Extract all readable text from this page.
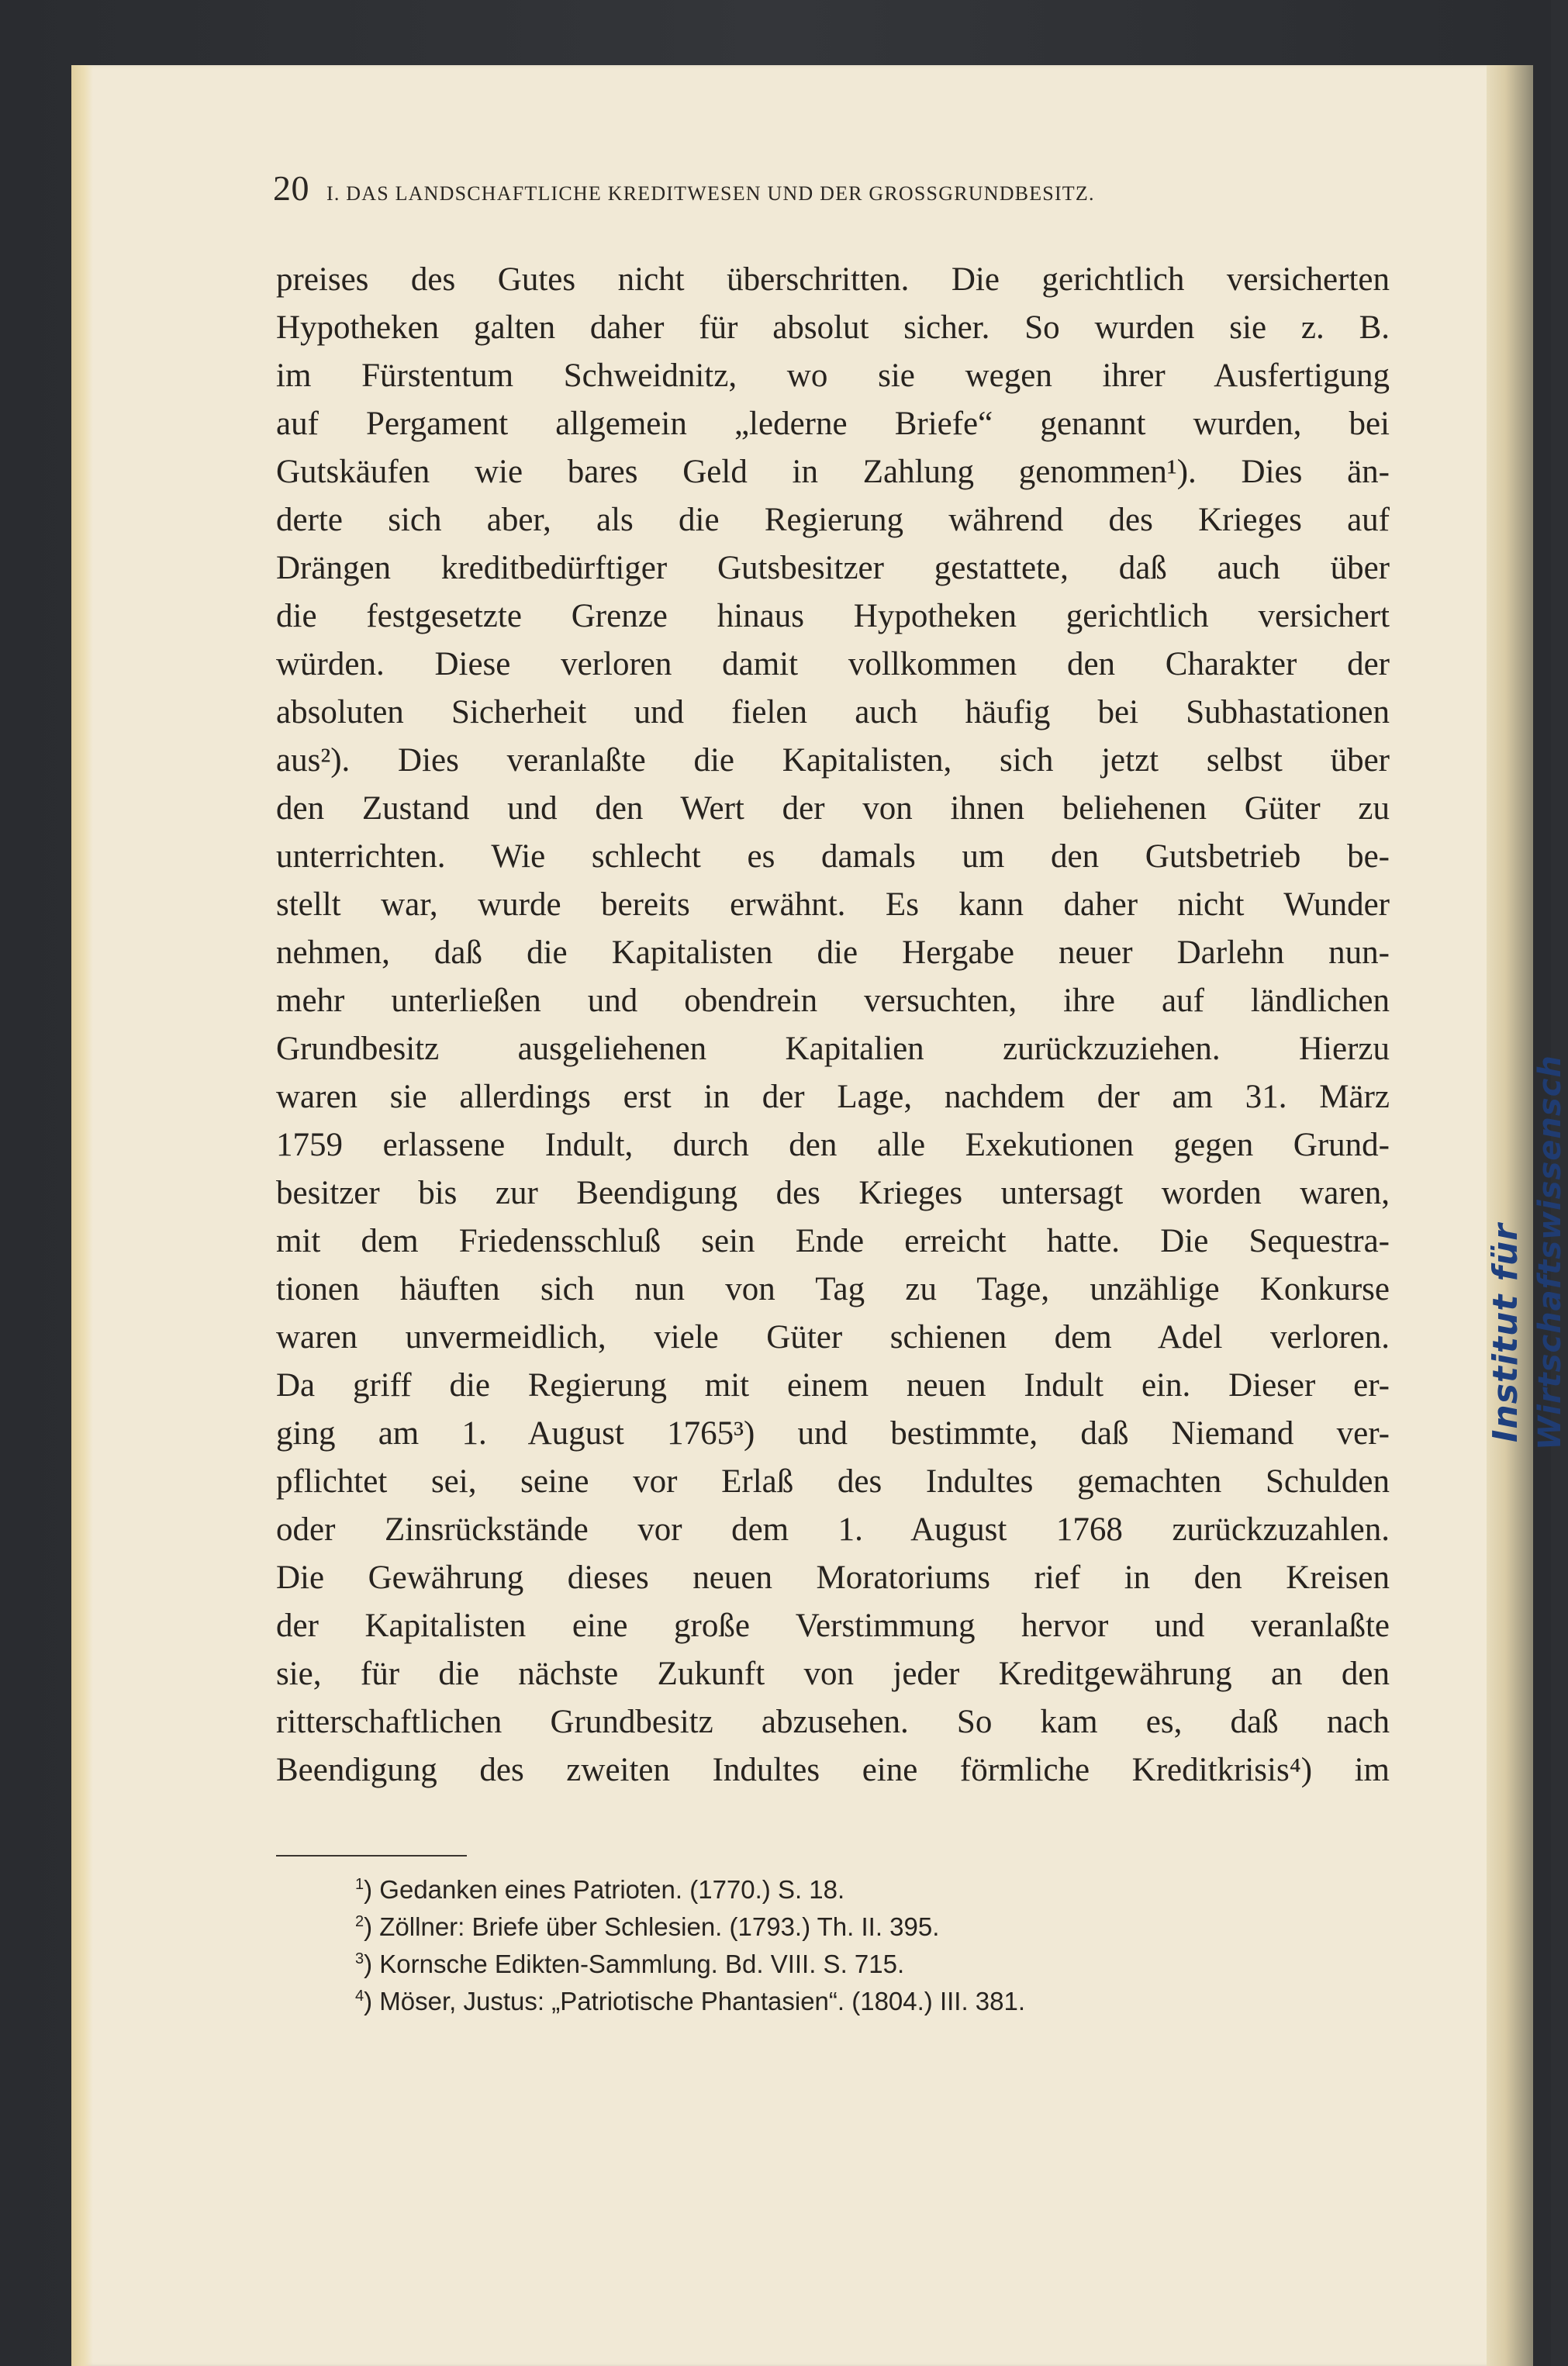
20 I. DAS LANDSCHAFTLICHE KREDITWESEN UND DER GROSSGRUNDBESITZ.
preises des Gutes nicht überschritten. Die gerichtlich versicherten
Hypotheken galten daher für absolut sicher. So wurden sie z. B.
im Fürstentum Schweidnitz, wo sie wegen ihrer Ausfertigung
auf Pergament allgemein „lederne Briefe“ genannt wurden, bei
Gutskäufen wie bares Geld in Zahlung genommen¹). Dies än-
derte sich aber, als die Regierung während des Krieges auf
Drängen kreditbedürftiger Gutsbesitzer gestattete, daß auch über
die festgesetzte Grenze hinaus Hypotheken gerichtlich versichert
würden. Diese verloren damit vollkommen den Charakter der
absoluten Sicherheit und fielen auch häufig bei Subhastationen
aus²). Dies veranlaßte die Kapitalisten, sich jetzt selbst über
den Zustand und den Wert der von ihnen beliehenen Güter zu
unterrichten. Wie schlecht es damals um den Gutsbetrieb be-
stellt war, wurde bereits erwähnt. Es kann daher nicht Wunder
nehmen, daß die Kapitalisten die Hergabe neuer Darlehn nun-
mehr unterließen und obendrein versuchten, ihre auf ländlichen
Grundbesitz ausgeliehenen Kapitalien zurückzuziehen. Hierzu
waren sie allerdings erst in der Lage, nachdem der am 31. März
1759 erlassene Indult, durch den alle Exekutionen gegen Grund-
besitzer bis zur Beendigung des Krieges untersagt worden waren,
mit dem Friedensschluß sein Ende erreicht hatte. Die Sequestra-
tionen häuften sich nun von Tag zu Tage, unzählige Konkurse
waren unvermeidlich, viele Güter schienen dem Adel verloren.
Da griff die Regierung mit einem neuen Indult ein. Dieser er-
ging am 1. August 1765³) und bestimmte, daß Niemand ver-
pflichtet sei, seine vor Erlaß des Indultes gemachten Schulden
oder Zinsrückstände vor dem 1. August 1768 zurückzuzahlen.
Die Gewährung dieses neuen Moratoriums rief in den Kreisen
der Kapitalisten eine große Verstimmung hervor und veranlaßte
sie, für die nächste Zukunft von jeder Kreditgewährung an den
ritterschaftlichen Grundbesitz abzusehen. So kam es, daß nach
Beendigung des zweiten Indultes eine förmliche Kreditkrisis⁴) im
$^1$) Gedanken eines Patrioten. (1770.) S. 18.
$^2$) Zöllner: Briefe über Schlesien. (1793.) Th. II. 395.
$^3$) Kornsche Edikten-Sammlung. Bd. VIII. S. 715.
$^4$) Möser, Justus: „Patriotische Phantasien“. (1804.) III. 381.
Institut für Wirtschaftswissensch
